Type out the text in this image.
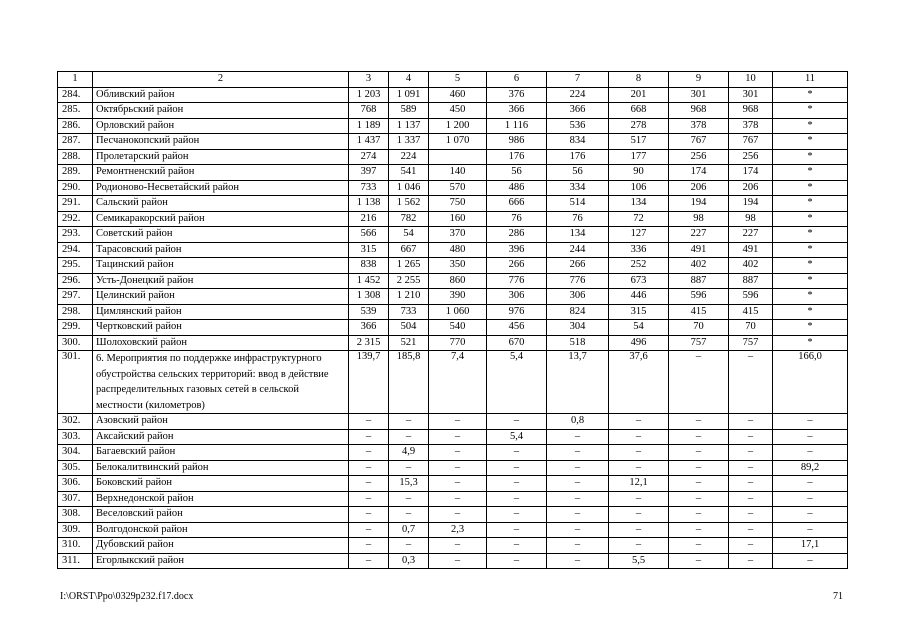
1	2	3	4	5	6	7	8	9	10	11
284.	Обливский район	1 203	1 091	460	376	224	201	301	301	*
285.	Октябрьский район	768	589	450	366	366	668	968	968	*
286.	Орловский район	1 189	1 137	1 200	1 116	536	278	378	378	*
287.	Песчанокопский район	1 437	1 337	1 070	986	834	517	767	767	*
288.	Пролетарский район	274	224		176	176	177	256	256	*
289.	Ремонтненский район	397	541	140	56	56	90	174	174	*
290.	Родионово-Несветайский район	733	1 046	570	486	334	106	206	206	*
291.	Сальский район	1 138	1 562	750	666	514	134	194	194	*
292.	Семикаракорский район	216	782	160	76	76	72	98	98	*
293.	Советский район	566	54	370	286	134	127	227	227	*
294.	Тарасовский район	315	667	480	396	244	336	491	491	*
295.	Тацинский район	838	1 265	350	266	266	252	402	402	*
296.	Усть-Донецкий район	1 452	2 255	860	776	776	673	887	887	*
297.	Целинский район	1 308	1 210	390	306	306	446	596	596	*
298.	Цимлянский район	539	733	1 060	976	824	315	415	415	*
299.	Чертковский район	366	504	540	456	304	54	70	70	*
300.	Шолоховский район	2 315	521	770	670	518	496	757	757	*
301.	6. Мероприятия по поддержке инфраструктурного обустройства сельских территорий: ввод в действие распределительных газовых сетей в сельской местности (километров)	139,7	185,8	7,4	5,4	13,7	37,6	–	–	166,0
302.	Азовский район	–	–	–	–	0,8	–	–	–	–
303.	Аксайский район	–	–	–	5,4	–	–	–	–	–
304.	Багаевский район	–	4,9	–	–	–	–	–	–	–
305.	Белокалитвинский район	–	–	–	–	–	–	–	–	89,2
306.	Боковский район	–	15,3	–	–	–	12,1	–	–	–
307.	Верхнедонской район	–	–	–	–	–	–	–	–	–
308.	Веселовский район	–	–	–	–	–	–	–	–	–
309.	Волгодонской район	–	0,7	2,3	–	–	–	–	–	–
310.	Дубовский район	–	–	–	–	–	–	–	–	17,1
311.	Егорлыкский район	–	0,3	–	–	–	5,5	–	–	–
I:\ORST\Ppo\0329p232.f17.docx	71
